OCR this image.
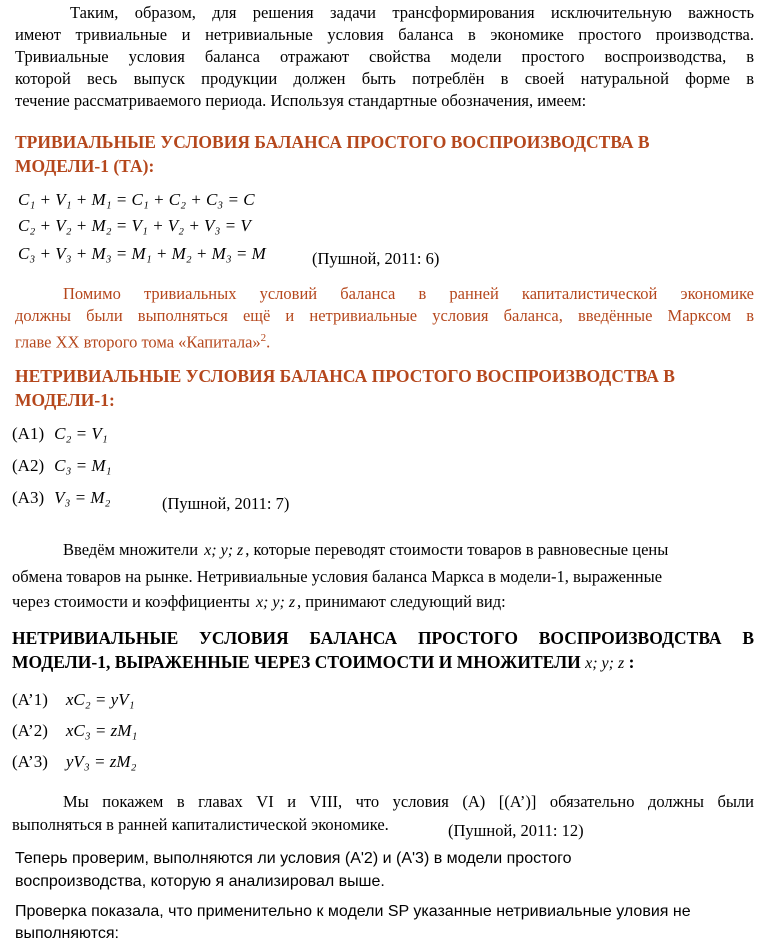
Таким, образом, для решения задачи трансформирования исключительную важность
имеют тривиальные и нетривиальные условия баланса в экономике простого производства.
Тривиальные условия баланса отражают свойства модели простого воспроизводства, в
которой весь выпуск продукции должен быть потреблён в своей натуральной форме в
течение рассматриваемого периода. Используя стандартные обозначения, имеем:
ТРИВИАЛЬНЫЕ УСЛОВИЯ БАЛАНСА ПРОСТОГО ВОСПРОИЗВОДСТВА В
МОДЕЛИ-1 (ТА):
C₁ + V₁ + M₁ = C₁ + C₂ + C₃ = C
C₂ + V₂ + M₂ = V₁ + V₂ + V₃ = V
C₃ + V₃ + M₃ = M₁ + M₂ + M₃ = M	(Пушной, 2011: 6)
Помимо тривиальных условий баланса в ранней капиталистической экономике
должны были выполняться ещё и нетривиальные условия баланса, введённые Марксом в
главе XX второго тома «Капитала»$^2$.
НЕТРИВИАЛЬНЫЕ УСЛОВИЯ БАЛАНСА ПРОСТОГО ВОСПРОИЗВОДСТВА В
МОДЕЛИ-1:
(A1) C₂ = V₁
(A2) C₃ = M₁
(A3) V₃ = M₂	(Пушной, 2011: 7)
Введём множители x; y; z , которые переводят стоимости товаров в равновесные цены
обмена товаров на рынке. Нетривиальные условия баланса Маркса в модели-1, выраженные
через стоимости и коэффициенты x; y; z , принимают следующий вид:
НЕТРИВИАЛЬНЫЕ УСЛОВИЯ БАЛАНСА ПРОСТОГО ВОСПРОИЗВОДСТВА В
МОДЕЛИ-1, ВЫРАЖЕННЫЕ ЧЕРЕЗ СТОИМОСТИ И МНОЖИТЕЛИ x; y; z :
(A’1) xC₂ = yV₁
(A’2) xC₃ = zM₁
(A’3) yV₃ = zM₂
Мы покажем в главах VI и VIII, что условия (A) [(A’)] обязательно должны были
выполняться в ранней капиталистической экономике.	(Пушной, 2011: 12)
Теперь проверим, выполняются ли условия (A'2) и (A'3) в модели простого
воспроизводства, которую я анализировал выше.
Проверка показала, что применительно к модели SP указанные нетривиальные уловия не
выполняются:
